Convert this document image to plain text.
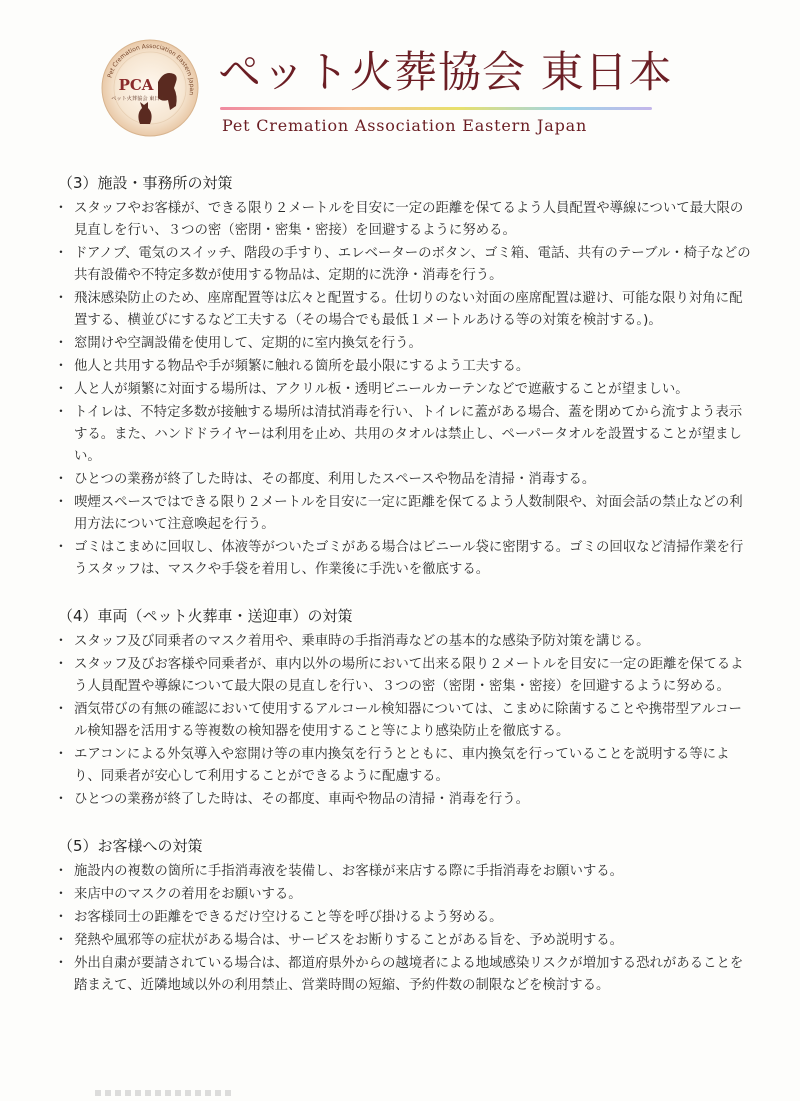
Pet Cremation Association Eastern Japan
PCA
ペット火葬協会 東日本
ペット火葬協会 東日本
Pet Cremation Association Eastern Japan
（3）施設・事務所の対策
・ スタッフやお客様が、できる限り２メートルを目安に一定の距離を保てるよう人員配置や導線について最大限の見直しを行い、３つの密（密閉・密集・密接）を回避するように努める。
・ ドアノブ、電気のスイッチ、階段の手すり、エレベーターのボタン、ゴミ箱、電話、共有のテーブル・椅子などの共有設備や不特定多数が使用する物品は、定期的に洗浄・消毒を行う。
・ 飛沫感染防止のため、座席配置等は広々と配置する。仕切りのない対面の座席配置は避け、可能な限り対角に配置する、横並びにするなど工夫する（その場合でも最低１メートルあける等の対策を検討する。)。
・ 窓開けや空調設備を使用して、定期的に室内換気を行う。
・ 他人と共用する物品や手が頻繁に触れる箇所を最小限にするよう工夫する。
・ 人と人が頻繁に対面する場所は、アクリル板・透明ビニールカーテンなどで遮蔽することが望ましい。
・ トイレは、不特定多数が接触する場所は清拭消毒を行い、トイレに蓋がある場合、蓋を閉めてから流すよう表示する。また、ハンドドライヤーは利用を止め、共用のタオルは禁止し、ペーパータオルを設置することが望ましい。
・ ひとつの業務が終了した時は、その都度、利用したスペースや物品を清掃・消毒する。
・ 喫煙スペースではできる限り２メートルを目安に一定に距離を保てるよう人数制限や、対面会話の禁止などの利用方法について注意喚起を行う。
・ ゴミはこまめに回収し、体液等がついたゴミがある場合はビニール袋に密閉する。ゴミの回収など清掃作業を行うスタッフは、マスクや手袋を着用し、作業後に手洗いを徹底する。
（4）車両（ペット火葬車・送迎車）の対策
・ スタッフ及び同乗者のマスク着用や、乗車時の手指消毒などの基本的な感染予防対策を講じる。
・ スタッフ及びお客様や同乗者が、車内以外の場所において出来る限り２メートルを目安に一定の距離を保てるよう人員配置や導線について最大限の見直しを行い、３つの密（密閉・密集・密接）を回避するように努める。
・ 酒気帯びの有無の確認において使用するアルコール検知器については、こまめに除菌することや携帯型アルコール検知器を活用する等複数の検知器を使用すること等により感染防止を徹底する。
・ エアコンによる外気導入や窓開け等の車内換気を行うとともに、車内換気を行っていることを説明する等により、同乗者が安心して利用することができるように配慮する。
・ ひとつの業務が終了した時は、その都度、車両や物品の清掃・消毒を行う。
（5）お客様への対策
・ 施設内の複数の箇所に手指消毒液を装備し、お客様が来店する際に手指消毒をお願いする。
・ 来店中のマスクの着用をお願いする。
・ お客様同士の距離をできるだけ空けること等を呼び掛けるよう努める。
・ 発熱や風邪等の症状がある場合は、サービスをお断りすることがある旨を、予め説明する。
・ 外出自粛が要請されている場合は、都道府県外からの越境者による地域感染リスクが増加する恐れがあることを踏まえて、近隣地域以外の利用禁止、営業時間の短縮、予約件数の制限などを検討する。
